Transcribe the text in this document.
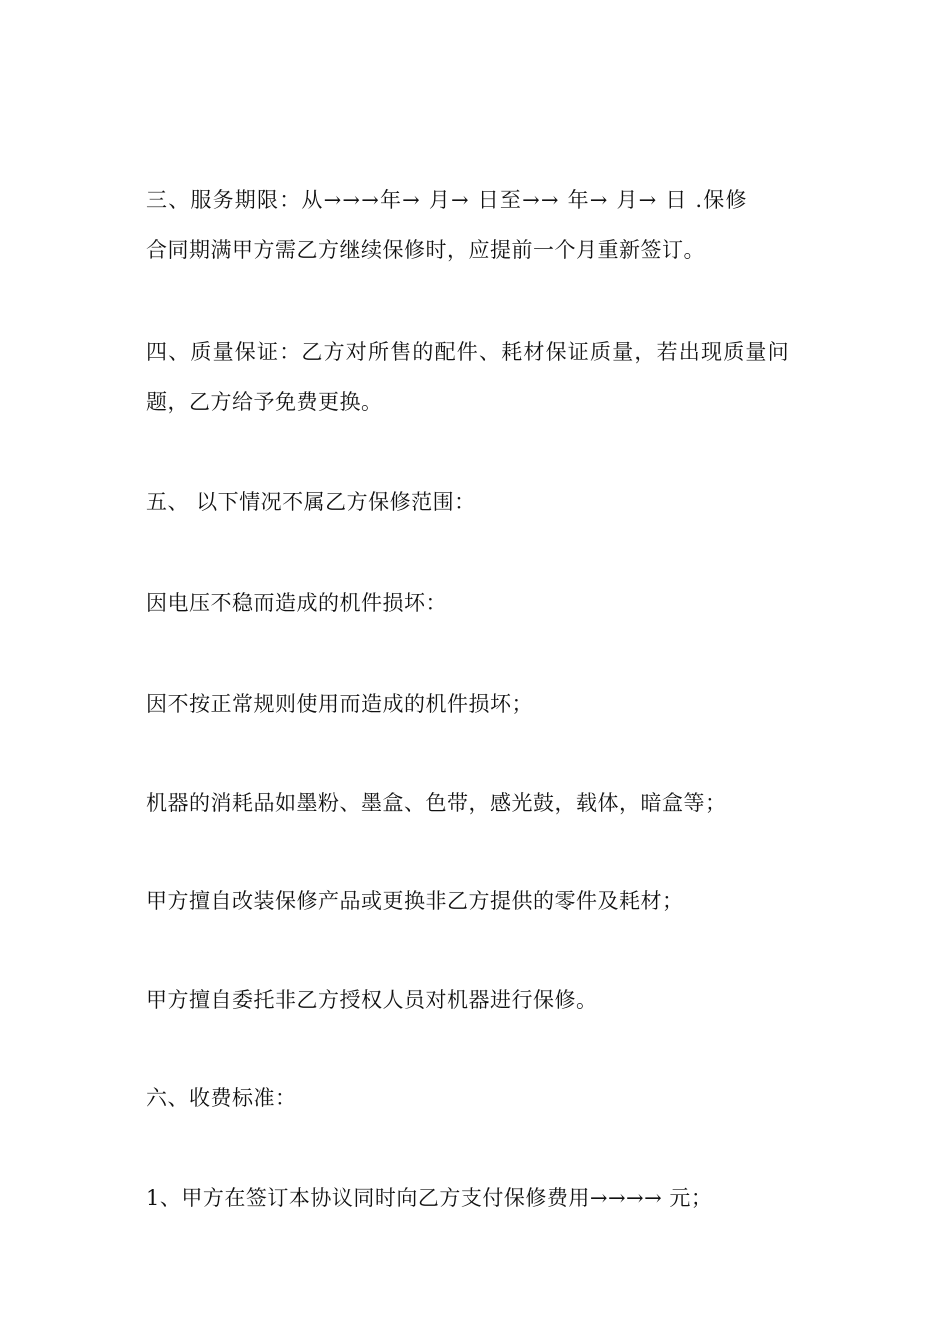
三、服务期限：从→→→年→ 月→ 日至→→ 年→ 月→ 日 .保修
合同期满甲方需乙方继续保修时，应提前一个月重新签订。
四、质量保证：乙方对所售的配件、耗材保证质量，若出现质量问
题，乙方给予免费更换。
五、 以下情况不属乙方保修范围：
因电压不稳而造成的机件损坏：
因不按正常规则使用而造成的机件损坏；
机器的消耗品如墨粉、墨盒、色带，感光鼓，载体，暗盒等；
甲方擅自改装保修产品或更换非乙方提供的零件及耗材；
甲方擅自委托非乙方授权人员对机器进行保修。
六、收费标准：
1、甲方在签订本协议同时向乙方支付保修费用→→→→ 元；
